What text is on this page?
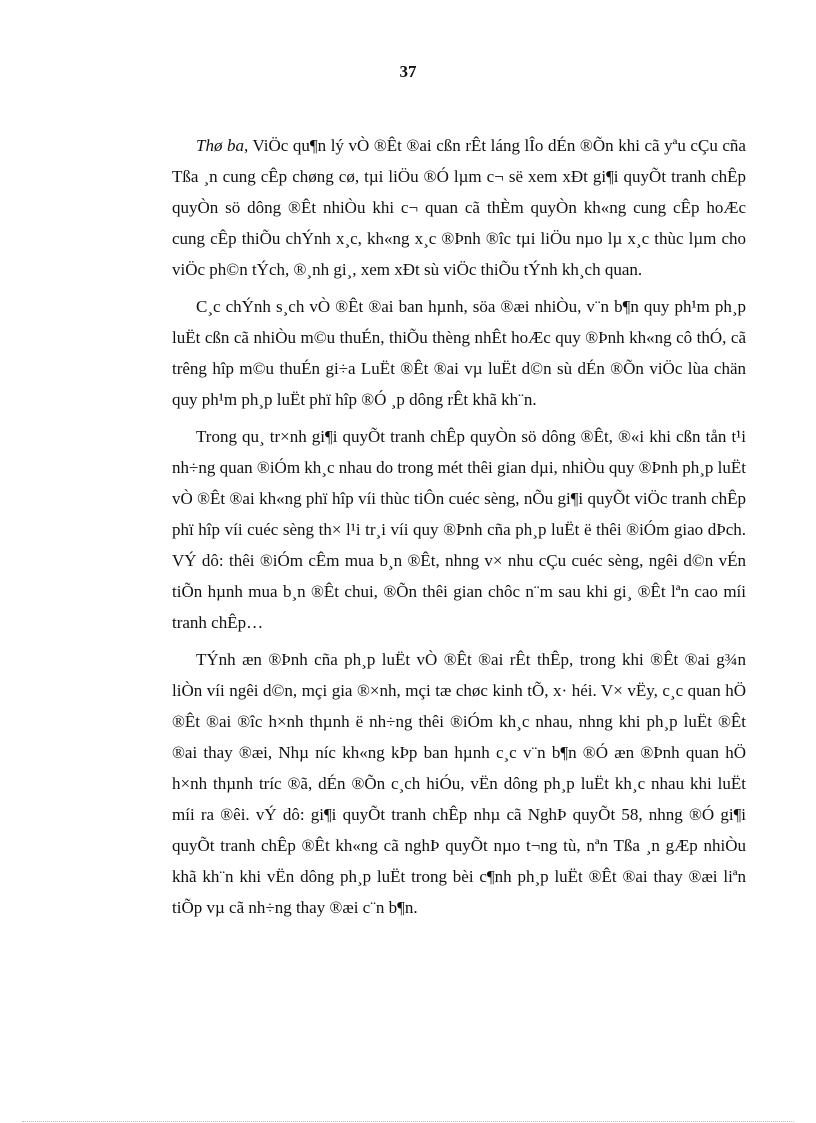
37

Thø ba, ViÖc qu¶n lý vÒ ®Êt ®ai cßn rÊt láng lÎo dÉn ®Õn khi cã yªu cÇu cña Tßa ¸n cung cÊp chøng cø, tµi liÖu ®Ó lµm c¬ së xem xÐt gi¶i quyÕt tranh chÊp quyÒn sö dông ®Êt nhiÒu khi c¬ quan cã thÈm quyÒn kh«ng cung cÊp hoÆc cung cÊp thiÕu chÝnh x¸c, kh«ng x¸c ®Þnh ®îc tµi liÖu nµo lµ x¸c thùc lµm cho viÖc ph©n tÝch, ®¸nh gi¸, xem xÐt sù viÖc thiÕu tÝnh kh¸ch quan.

C¸c chÝnh s¸ch vÒ ®Êt ®ai ban hµnh, söa ®æi nhiÒu, v¨n b¶n quy ph¹m ph¸p luËt cßn cã nhiÒu m©u thuÉn, thiÕu thèng nhÊt hoÆc quy ®Þnh kh«ng cô thÓ, cã trêng hîp m©u thuÉn gi÷a LuËt ®Êt ®ai vµ luËt d©n sù dÉn ®Õn viÖc lùa chän quy ph¹m ph¸p luËt phï hîp ®Ó ¸p dông rÊt khã kh¨n.

Trong qu¸ tr×nh gi¶i quyÕt tranh chÊp quyÒn sö dông ®Êt, ®«i khi cßn tån t¹i nh÷ng quan ®iÓm kh¸c nhau do trong mét thêi gian dµi, nhiÒu quy ®Þnh ph¸p luËt vÒ ®Êt ®ai kh«ng phï hîp víi thùc tiÔn cuéc sèng, nÕu gi¶i quyÕt viÖc tranh chÊp phï hîp víi cuéc sèng th× l¹i tr¸i víi quy ®Þnh cña ph¸p luËt ë thêi ®iÓm giao dÞch. VÝ dô: thêi ®iÓm cÊm mua b¸n ®Êt, nhng v× nhu cÇu cuéc sèng, ngêi d©n vÉn tiÕn hµnh mua b¸n ®Êt chui, ®Õn thêi gian chôc n¨m sau khi gi¸ ®Êt lªn cao míi tranh chÊp…

TÝnh æn ®Þnh cña ph¸p luËt vÒ ®Êt ®ai rÊt thÊp, trong khi ®Êt ®ai g¾n liÒn víi ngêi d©n, mçi gia ®×nh, mçi tæ chøc kinh tÕ, x· héi. V× vËy, c¸c quan hÖ ®Êt ®ai ®îc h×nh thµnh ë nh÷ng thêi ®iÓm kh¸c nhau, nhng khi ph¸p luËt ®Êt ®ai thay ®æi, Nhµ níc kh«ng kÞp ban hµnh c¸c v¨n b¶n ®Ó æn ®Þnh quan hÖ h×nh thµnh tríc ®ã, dÉn ®Õn c¸ch hiÓu, vËn dông ph¸p luËt kh¸c nhau khi luËt míi ra ®êi. vÝ dô: gi¶i quyÕt tranh chÊp nhµ cã NghÞ quyÕt 58, nhng ®Ó gi¶i quyÕt tranh chÊp ®Êt kh«ng cã nghÞ quyÕt nµo t¬ng tù, nªn Tßa ¸n gÆp nhiÒu khã kh¨n khi vËn dông ph¸p luËt trong bèi c¶nh ph¸p luËt ®Êt ®ai thay ®æi liªn tiÕp vµ cã nh÷ng thay ®æi c¨n b¶n.
